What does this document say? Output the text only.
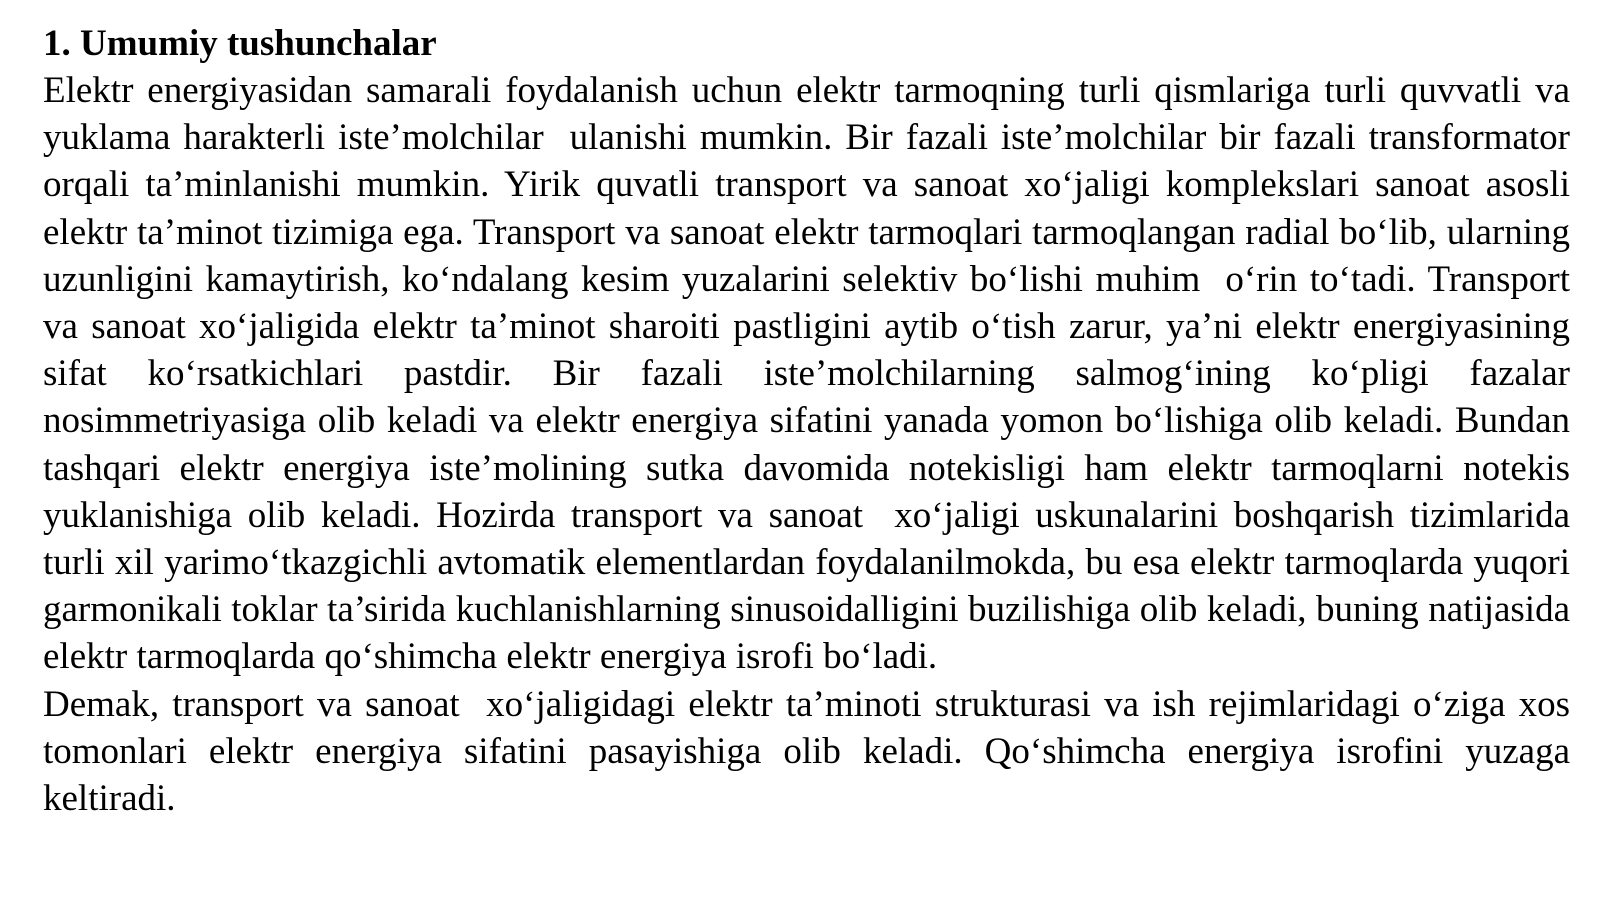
1. Umumiy tushunchalar

Elektr energiyasidan samarali foydalanish uchun elektr tarmoqning turli qismlariga turli quvvatli va yuklama harakterli iste’molchilar  ulanishi mumkin. Bir fazali iste’molchilar bir fazali transformator orqali ta’minlanishi mumkin. Yirik quvatli transport va sanoat xo‘jaligi komplekslari sanoat asosli elektr ta’minot tizimiga ega. Transport va sanoat elektr tarmoqlari tarmoqlangan radial bo‘lib, ularning uzunligini kamaytirish, ko‘ndalang kesim yuzalarini selektiv bo‘lishi muhim  o‘rin to‘tadi. Transport va sanoat xo‘jaligida elektr ta’minot sharoiti pastligini aytib o‘tish zarur, ya’ni elektr energiyasining sifat ko‘rsatkichlari pastdir. Bir fazali iste’molchilarning salmog‘ining ko‘pligi fazalar nosimmetriyasiga olib keladi va elektr energiya sifatini yanada yomon bo‘lishiga olib keladi. Bundan tashqari elektr energiya iste’molining sutka davomida notekisligi ham elektr tarmoqlarni notekis yuklanishiga olib keladi. Hozirda transport va sanoat  xo‘jaligi uskunalarini boshqarish tizimlarida turli xil yarimo‘tkazgichli avtomatik elementlardan foydalanilmokda, bu esa elektr tarmoqlarda yuqori garmonikali toklar ta’sirida kuchlanishlarning sinusoidalligini buzilishiga olib keladi, buning natijasida elektr tarmoqlarda qo‘shimcha elektr energiya isrofi bo‘ladi.

Demak, transport va sanoat  xo‘jaligidagi elektr ta’minoti strukturasi va ish rejimlaridagi o‘ziga xos tomonlari elektr energiya sifatini pasayishiga olib keladi. Qo‘shimcha energiya isrofini yuzaga keltiradi.
